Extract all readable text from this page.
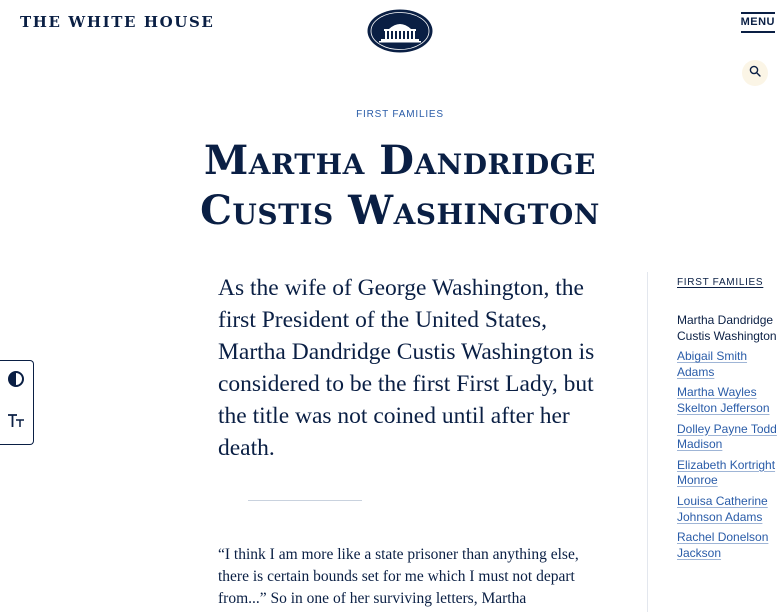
THE WHITE HOUSE	MENU
FIRST FAMILIES
Martha Dandridge
Custis Washington

As the wife of George Washington, the first President of the United States, Martha Dandridge Custis Washington is considered to be the first First Lady, but the title was not coined until after her death.

“I think I am more like a state prisoner than anything else, there is certain bounds set for me which I must not depart from...” So in one of her surviving letters, Martha

FIRST FAMILIES
Martha Dandridge Custis Washington
Abigail Smith Adams
Martha Wayles Skelton Jefferson
Dolley Payne Todd Madison
Elizabeth Kortright Monroe
Louisa Catherine Johnson Adams
Rachel Donelson Jackson
